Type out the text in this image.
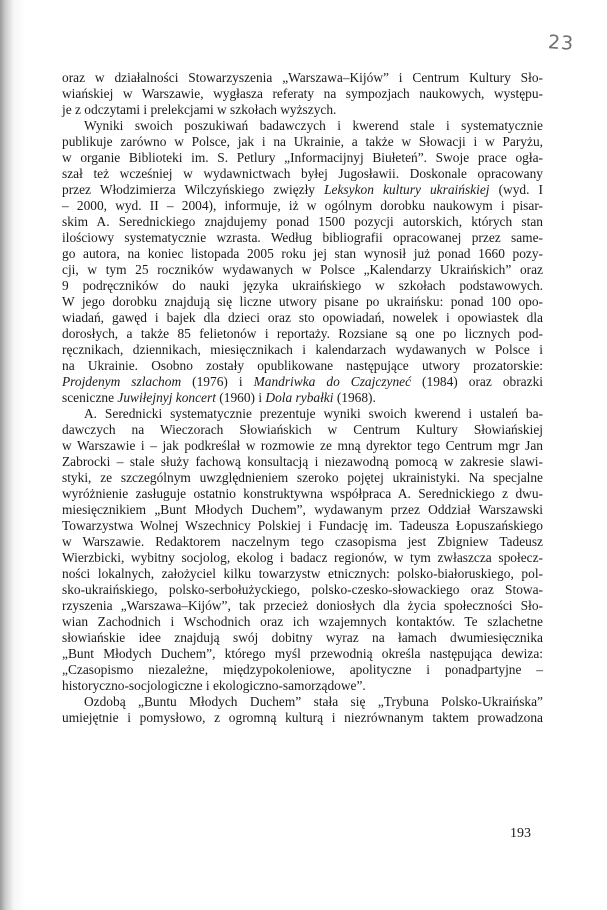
23
oraz w działalności Stowarzyszenia „Warszawa–Kijów” i Centrum Kultury Sło-
wiańskiej w Warszawie, wygłasza referaty na sympozjach naukowych, występu-
je z odczytami i prelekcjami w szkołach wyższych.
Wyniki swoich poszukiwań badawczych i kwerend stale i systematycznie
publikuje zarówno w Polsce, jak i na Ukrainie, a także w Słowacji i w Paryżu,
w organie Biblioteki im. S. Petlury „Informacijnyj Biułeteń”. Swoje prace ogła-
szał też wcześniej w wydawnictwach byłej Jugosławii. Doskonale opracowany
przez Włodzimierza Wilczyńskiego zwięzły Leksykon kultury ukraińskiej (wyd. I
– 2000, wyd. II – 2004), informuje, iż w ogólnym dorobku naukowym i pisar-
skim A. Serednickiego znajdujemy ponad 1500 pozycji autorskich, których stan
ilościowy systematycznie wzrasta. Według bibliografii opracowanej przez same-
go autora, na koniec listopada 2005 roku jej stan wynosił już ponad 1660 pozy-
cji, w tym 25 roczników wydawanych w Polsce „Kalendarzy Ukraińskich” oraz
9 podręczników do nauki języka ukraińskiego w szkołach podstawowych.
W jego dorobku znajdują się liczne utwory pisane po ukraińsku: ponad 100 opo-
wiadań, gawęd i bajek dla dzieci oraz sto opowiadań, nowelek i opowiastek dla
dorosłych, a także 85 felietonów i reportaży. Rozsiane są one po licznych pod-
ręcznikach, dziennikach, miesięcznikach i kalendarzach wydawanych w Polsce i
na Ukrainie. Osobno zostały opublikowane następujące utwory prozatorskie:
Projdenym szlachom (1976) i Mandriwka do Czajczyneć (1984) oraz obrazki
sceniczne Juwiłejnyj koncert (1960) i Dola rybałki (1968).
A. Serednicki systematycznie prezentuje wyniki swoich kwerend i ustaleń ba-
dawczych na Wieczorach Słowiańskich w Centrum Kultury Słowiańskiej
w Warszawie i – jak podkreślał w rozmowie ze mną dyrektor tego Centrum mgr Jan
Zabrocki – stale służy fachową konsultacją i niezawodną pomocą w zakresie slawi-
styki, ze szczególnym uwzględnieniem szeroko pojętej ukrainistyki. Na specjalne
wyróżnienie zasługuje ostatnio konstruktywna współpraca A. Serednickiego z dwu-
miesięcznikiem „Bunt Młodych Duchem”, wydawanym przez Oddział Warszawski
Towarzystwa Wolnej Wszechnicy Polskiej i Fundację im. Tadeusza Łopuszańskiego
w Warszawie. Redaktorem naczelnym tego czasopisma jest Zbigniew Tadeusz
Wierzbicki, wybitny socjolog, ekolog i badacz regionów, w tym zwłaszcza społecz-
ności lokalnych, założyciel kilku towarzystw etnicznych: polsko-białoruskiego, pol-
sko-ukraińskiego, polsko-serbołużyckiego, polsko-czesko-słowackiego oraz Stowa-
rzyszenia „Warszawa–Kijów”, tak przecież doniosłych dla życia społeczności Sło-
wian Zachodnich i Wschodnich oraz ich wzajemnych kontaktów. Te szlachetne
słowiańskie idee znajdują swój dobitny wyraz na łamach dwumiesięcznika
„Bunt Młodych Duchem”, którego myśl przewodnią określa następująca dewiza:
„Czasopismo niezależne, międzypokoleniowe, apolityczne i ponadpartyjne –
historyczno-socjologiczne i ekologiczno-samorządowe”.
Ozdobą „Buntu Młodych Duchem” stała się „Trybuna Polsko-Ukraińska”
umiejętnie i pomysłowo, z ogromną kulturą i niezrównanym taktem prowadzona
193
